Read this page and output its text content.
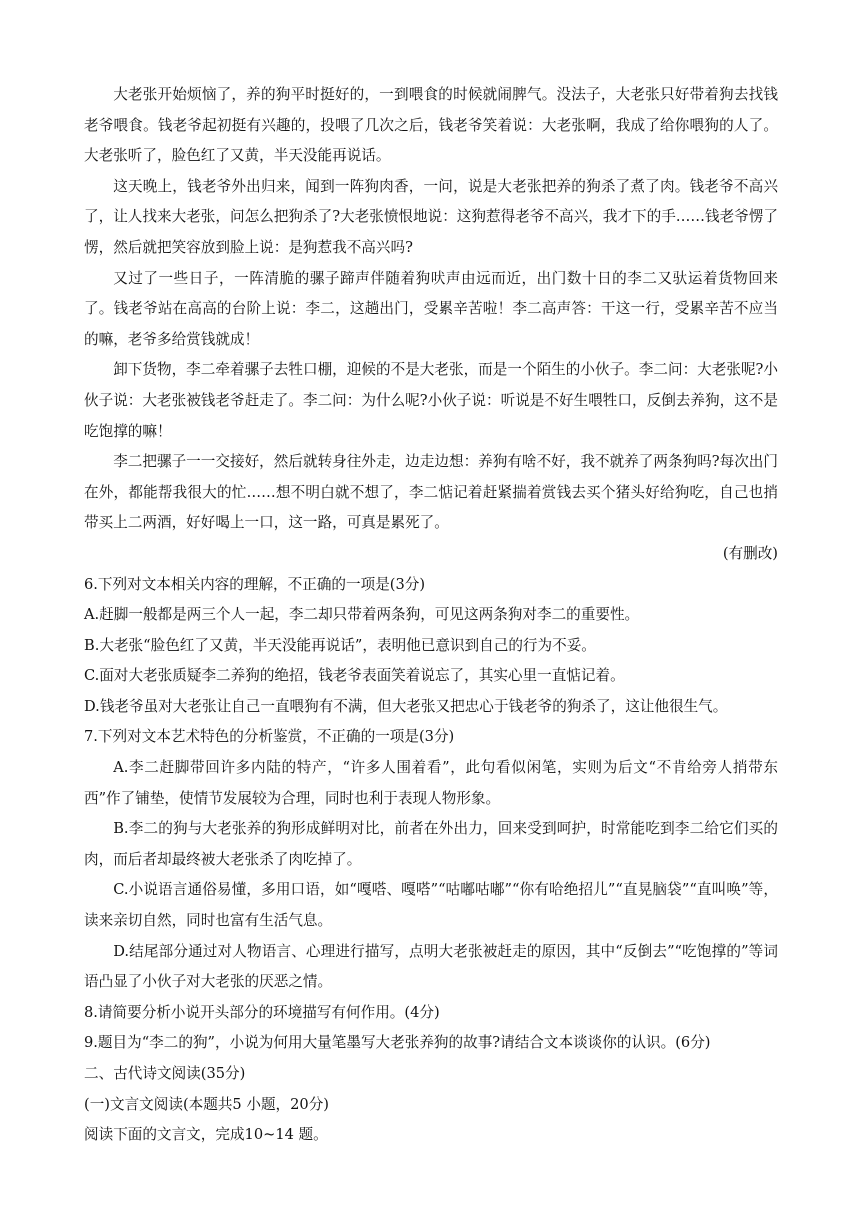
大老张开始烦恼了，养的狗平时挺好的，一到喂食的时候就闹脾气。没法子，大老张只好带着狗去找钱老爷喂食。钱老爷起初挺有兴趣的，投喂了几次之后，钱老爷笑着说：大老张啊，我成了给你喂狗的人了。大老张听了，脸色红了又黄，半天没能再说话。

这天晚上，钱老爷外出归来，闻到一阵狗肉香，一问，说是大老张把养的狗杀了煮了肉。钱老爷不高兴了，让人找来大老张，问怎么把狗杀了?大老张愤恨地说：这狗惹得老爷不高兴，我才下的手……钱老爷愣了愣，然后就把笑容放到脸上说：是狗惹我不高兴吗?

又过了一些日子，一阵清脆的骡子蹄声伴随着狗吠声由远而近，出门数十日的李二又驮运着货物回来了。钱老爷站在高高的台阶上说：李二，这趟出门，受累辛苦啦！李二高声答：干这一行，受累辛苦不应当的嘛，老爷多给赏钱就成！

卸下货物，李二牵着骡子去牲口棚，迎候的不是大老张，而是一个陌生的小伙子。李二问：大老张呢?小伙子说：大老张被钱老爷赶走了。李二问：为什么呢?小伙子说：听说是不好生喂牲口，反倒去养狗，这不是吃饱撑的嘛！

李二把骡子一一交接好，然后就转身往外走，边走边想：养狗有啥不好，我不就养了两条狗吗?每次出门在外，都能帮我很大的忙……想不明白就不想了，李二惦记着赶紧揣着赏钱去买个猪头好给狗吃，自己也捎带买上二两酒，好好喝上一口，这一路，可真是累死了。

(有删改)

6.下列对文本相关内容的理解，不正确的一项是(3分)

A.赶脚一般都是两三个人一起，李二却只带着两条狗，可见这两条狗对李二的重要性。

B.大老张“脸色红了又黄，半天没能再说话”，表明他已意识到自己的行为不妥。

C.面对大老张质疑李二养狗的绝招，钱老爷表面笑着说忘了，其实心里一直惦记着。

D.钱老爷虽对大老张让自己一直喂狗有不满，但大老张又把忠心于钱老爷的狗杀了，这让他很生气。

7.下列对文本艺术特色的分析鉴赏，不正确的一项是(3分)

A.李二赶脚带回许多内陆的特产，“许多人围着看”，此句看似闲笔，实则为后文“不肯给旁人捎带东西”作了铺垫，使情节发展较为合理，同时也利于表现人物形象。

B.李二的狗与大老张养的狗形成鲜明对比，前者在外出力，回来受到呵护，时常能吃到李二给它们买的肉，而后者却最终被大老张杀了肉吃掉了。

C.小说语言通俗易懂，多用口语，如“嘎嗒、嘎嗒”“咕嘟咕嘟”“你有哈绝招儿”“直晃脑袋”“直叫唤”等，读来亲切自然，同时也富有生活气息。

D.结尾部分通过对人物语言、心理进行描写，点明大老张被赶走的原因，其中“反倒去”“吃饱撑的”等词语凸显了小伙子对大老张的厌恶之情。

8.请简要分析小说开头部分的环境描写有何作用。(4分)

9.题目为“李二的狗”，小说为何用大量笔墨写大老张养狗的故事?请结合文本谈谈你的认识。(6分)

二、古代诗文阅读(35分)

(一)文言文阅读(本题共5 小题，20分)

阅读下面的文言文，完成10~14 题。
